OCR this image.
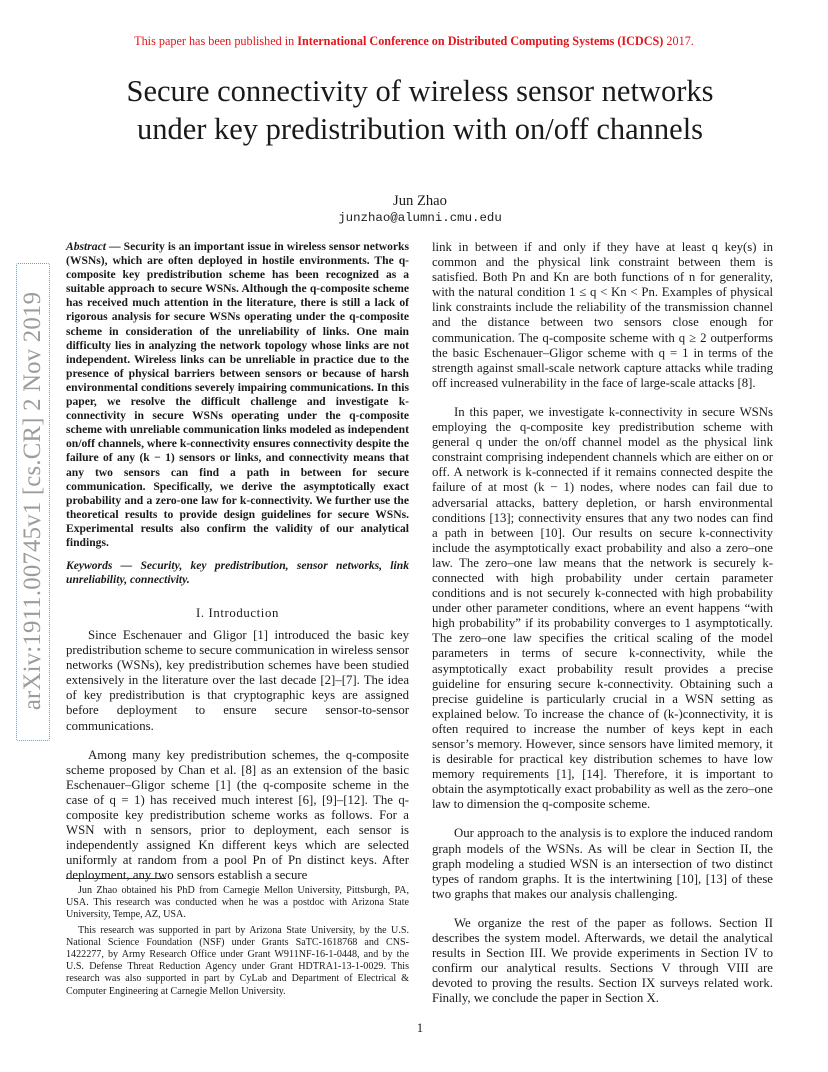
This paper has been published in International Conference on Distributed Computing Systems (ICDCS) 2017.
Secure connectivity of wireless sensor networks
under key predistribution with on/off channels
Jun Zhao
junzhao@alumni.cmu.edu
arXiv:1911.00745v1 [cs.CR] 2 Nov 2019

Abstract — Security is an important issue in wireless sensor networks (WSNs), which are often deployed in hostile environments. The q-composite key predistribution scheme has been recognized as a suitable approach to secure WSNs. Although the q-composite scheme has received much attention in the literature, there is still a lack of rigorous analysis for secure WSNs operating under the q-composite scheme in consideration of the unreliability of links. One main difficulty lies in analyzing the network topology whose links are not independent. Wireless links can be unreliable in practice due to the presence of physical barriers between sensors or because of harsh environmental conditions severely impairing communications. In this paper, we resolve the difficult challenge and investigate k-connectivity in secure WSNs operating under the q-composite scheme with unreliable communication links modeled as independent on/off channels, where k-connectivity ensures connectivity despite the failure of any (k − 1) sensors or links, and connectivity means that any two sensors can find a path in between for secure communication. Specifically, we derive the asymptotically exact probability and a zero-one law for k-connectivity. We further use the theoretical results to provide design guidelines for secure WSNs. Experimental results also confirm the validity of our analytical findings.

Keywords — Security, key predistribution, sensor networks, link unreliability, connectivity.

I. Introduction

Since Eschenauer and Gligor [1] introduced the basic key predistribution scheme to secure communication in wireless sensor networks (WSNs), key predistribution schemes have been studied extensively in the literature over the last decade [2]–[7]. The idea of key predistribution is that cryptographic keys are assigned before deployment to ensure secure sensor-to-sensor communications.

Among many key predistribution schemes, the q-composite scheme proposed by Chan et al. [8] as an extension of the basic Eschenauer–Gligor scheme [1] (the q-composite scheme in the case of q = 1) has received much interest [6], [9]–[12]. The q-composite key predistribution scheme works as follows. For a WSN with n sensors, prior to deployment, each sensor is independently assigned Kn different keys which are selected uniformly at random from a pool Pn of Pn distinct keys. After deployment, any two sensors establish a secure

Jun Zhao obtained his PhD from Carnegie Mellon University, Pittsburgh, PA, USA. This research was conducted when he was a postdoc with Arizona State University, Tempe, AZ, USA.

This research was supported in part by Arizona State University, by the U.S. National Science Foundation (NSF) under Grants SaTC-1618768 and CNS-1422277, by Army Research Office under Grant W911NF-16-1-0448, and by the U.S. Defense Threat Reduction Agency under Grant HDTRA1-13-1-0029. This research was also supported in part by CyLab and Department of Electrical & Computer Engineering at Carnegie Mellon University.

link in between if and only if they have at least q key(s) in common and the physical link constraint between them is satisfied. Both Pn and Kn are both functions of n for generality, with the natural condition 1 ≤ q < Kn < Pn. Examples of physical link constraints include the reliability of the transmission channel and the distance between two sensors close enough for communication. The q-composite scheme with q ≥ 2 outperforms the basic Eschenauer–Gligor scheme with q = 1 in terms of the strength against small-scale network capture attacks while trading off increased vulnerability in the face of large-scale attacks [8].

In this paper, we investigate k-connectivity in secure WSNs employing the q-composite key predistribution scheme with general q under the on/off channel model as the physical link constraint comprising independent channels which are either on or off. A network is k-connected if it remains connected despite the failure of at most (k − 1) nodes, where nodes can fail due to adversarial attacks, battery depletion, or harsh environmental conditions [13]; connectivity ensures that any two nodes can find a path in between [10]. Our results on secure k-connectivity include the asymptotically exact probability and also a zero–one law. The zero–one law means that the network is securely k-connected with high probability under certain parameter conditions and is not securely k-connected with high probability under other parameter conditions, where an event happens “with high probability” if its probability converges to 1 asymptotically. The zero–one law specifies the critical scaling of the model parameters in terms of secure k-connectivity, while the asymptotically exact probability result provides a precise guideline for ensuring secure k-connectivity. Obtaining such a precise guideline is particularly crucial in a WSN setting as explained below. To increase the chance of (k-)connectivity, it is often required to increase the number of keys kept in each sensor’s memory. However, since sensors have limited memory, it is desirable for practical key distribution schemes to have low memory requirements [1], [14]. Therefore, it is important to obtain the asymptotically exact probability as well as the zero–one law to dimension the q-composite scheme.

Our approach to the analysis is to explore the induced random graph models of the WSNs. As will be clear in Section II, the graph modeling a studied WSN is an intersection of two distinct types of random graphs. It is the intertwining [10], [13] of these two graphs that makes our analysis challenging.

We organize the rest of the paper as follows. Section II describes the system model. Afterwards, we detail the analytical results in Section III. We provide experiments in Section IV to confirm our analytical results. Sections V through VIII are devoted to proving the results. Section IX surveys related work. Finally, we conclude the paper in Section X.

1
